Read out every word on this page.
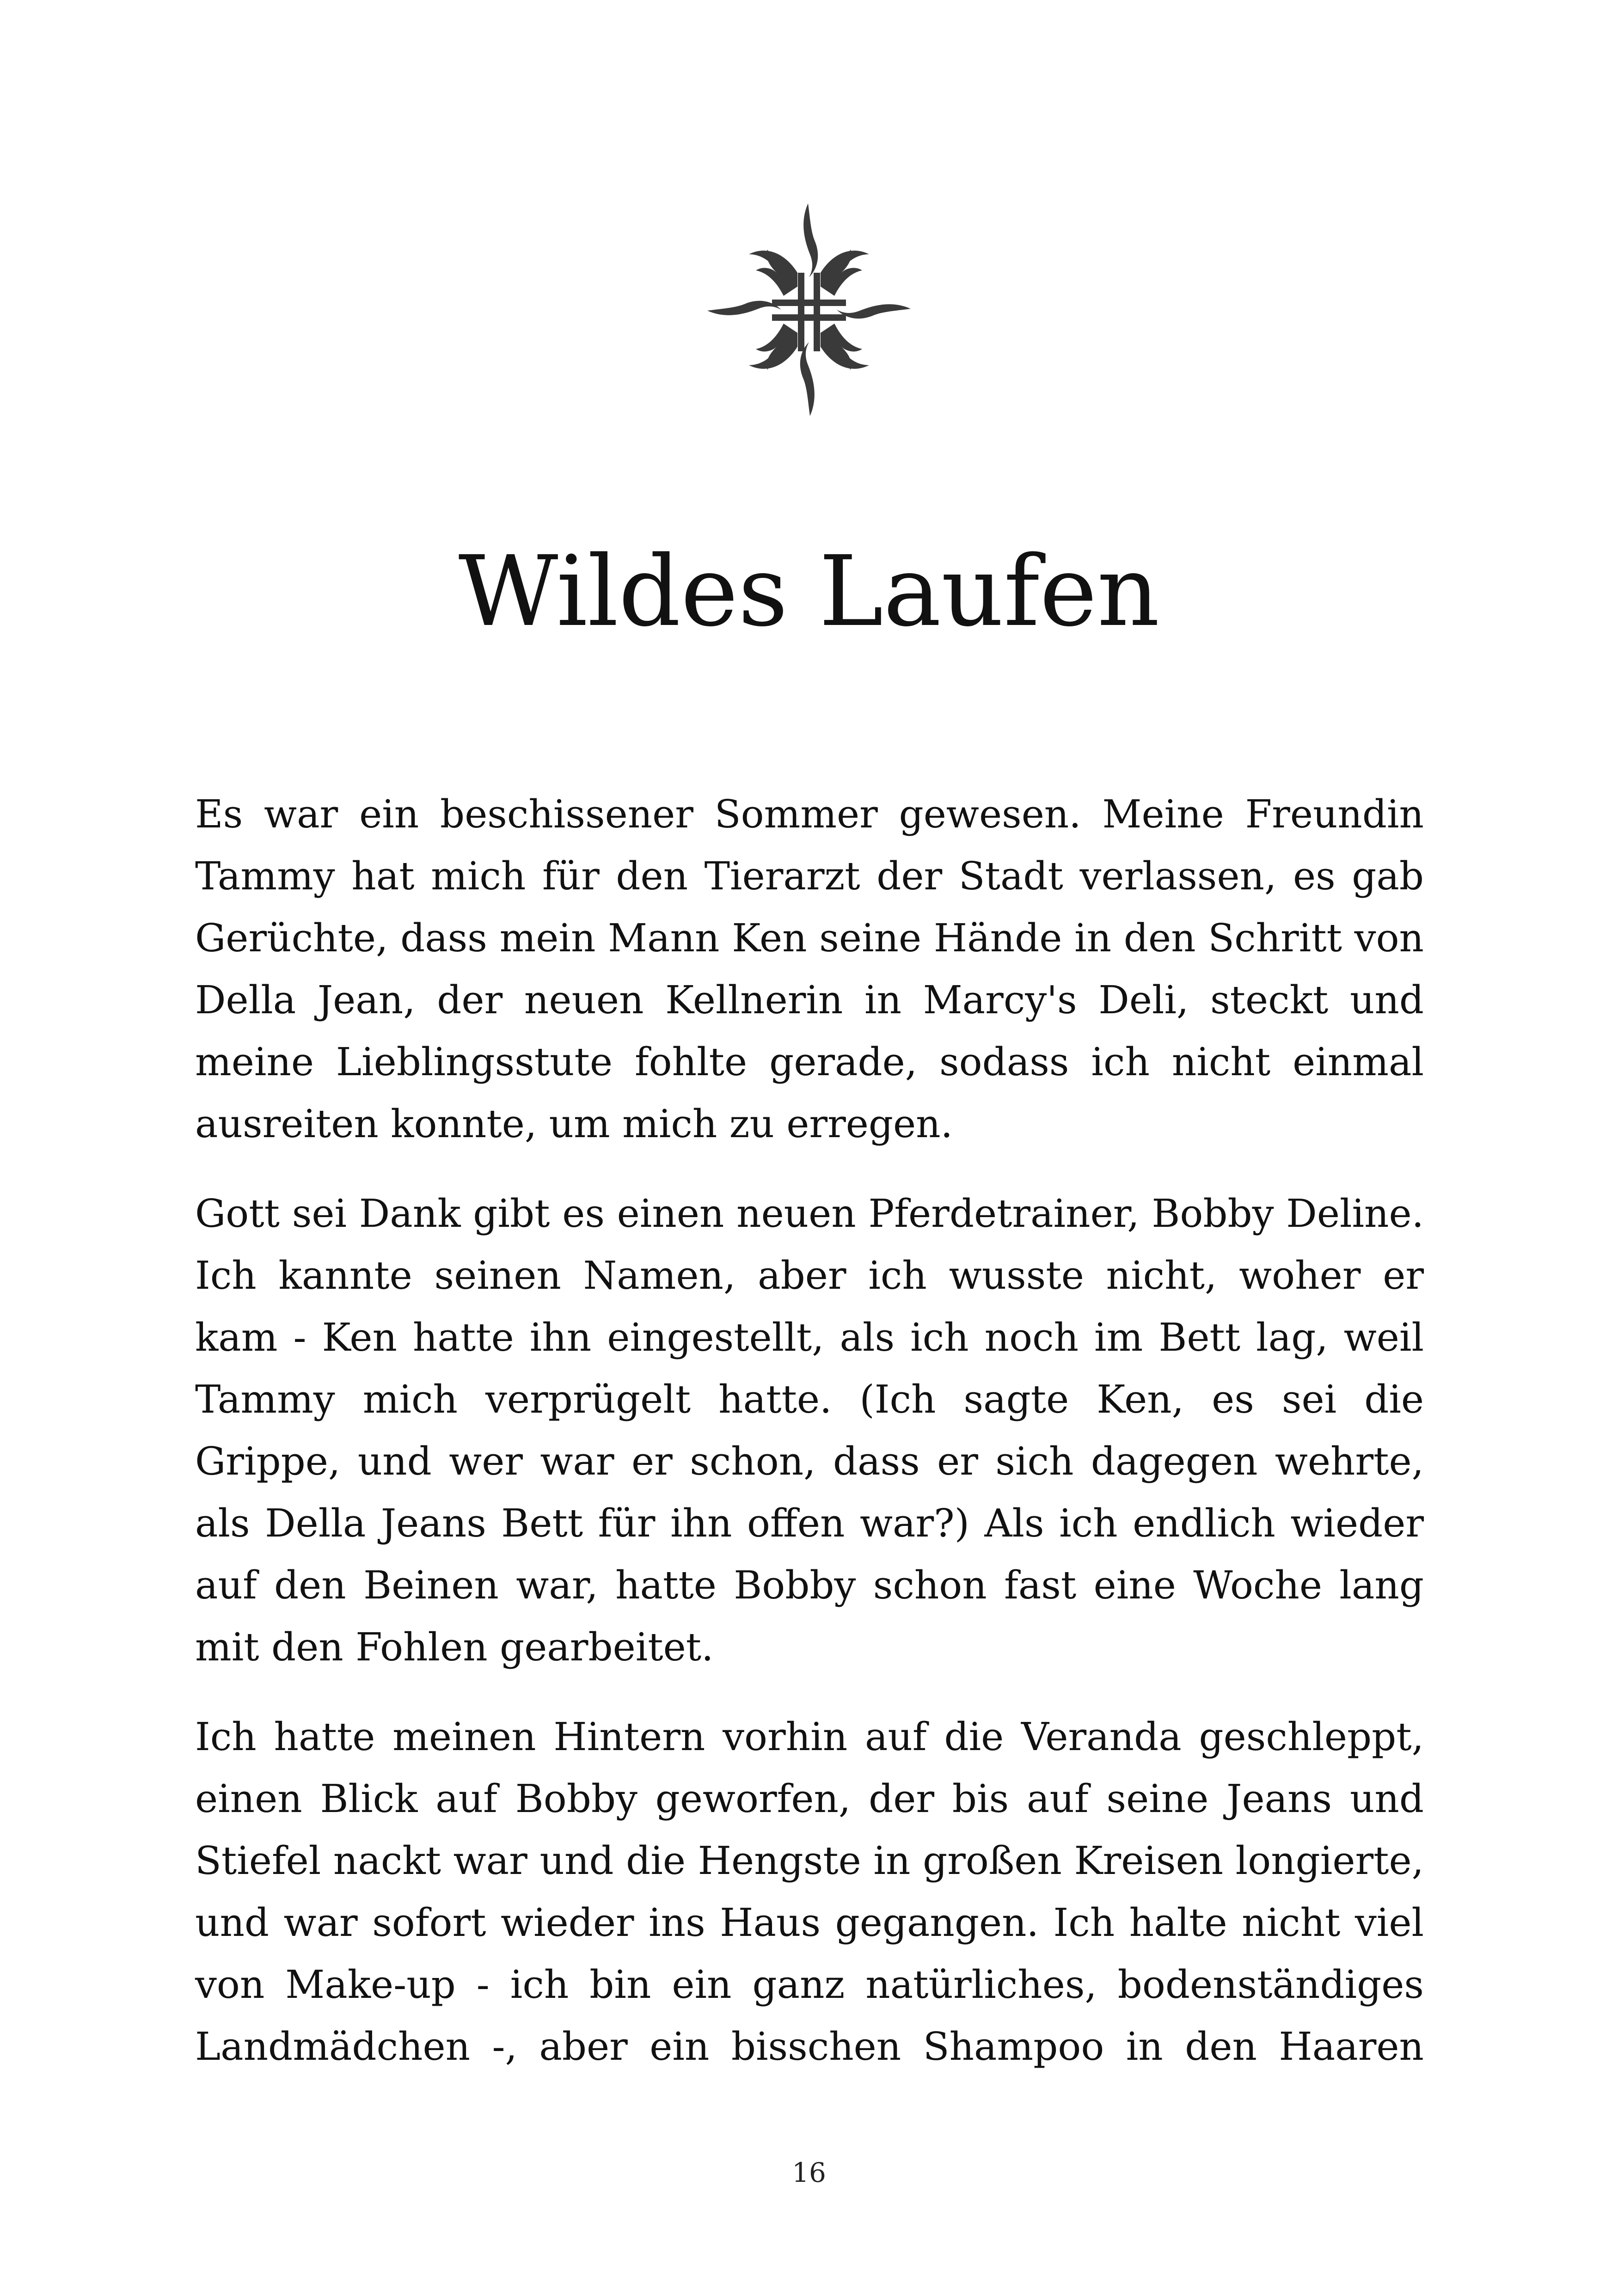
Wildes Laufen

Es war ein beschissener Sommer gewesen. Meine Freundin Tammy hat mich für den Tierarzt der Stadt verlassen, es gab Gerüchte, dass mein Mann Ken seine Hände in den Schritt von Della Jean, der neuen Kellnerin in Marcy's Deli, steckt und meine Lieblingsstute fohlte gerade, sodass ich nicht einmal ausreiten konnte, um mich zu erregen.

Gott sei Dank gibt es einen neuen Pferdetrainer, Bobby Deline. Ich kannte seinen Namen, aber ich wusste nicht, woher er kam - Ken hatte ihn eingestellt, als ich noch im Bett lag, weil Tammy mich verprügelt hatte. (Ich sagte Ken, es sei die Grippe, und wer war er schon, dass er sich dagegen wehrte, als Della Jeans Bett für ihn offen war?) Als ich endlich wieder auf den Beinen war, hatte Bobby schon fast eine Woche lang mit den Fohlen gearbeitet.

Ich hatte meinen Hintern vorhin auf die Veranda geschleppt, einen Blick auf Bobby geworfen, der bis auf seine Jeans und Stiefel nackt war und die Hengste in großen Kreisen longierte, und war sofort wieder ins Haus gegangen. Ich halte nicht viel von Make-up - ich bin ein ganz natürliches, bodenständiges Landmädchen -, aber ein bisschen Shampoo in den Haaren

16
